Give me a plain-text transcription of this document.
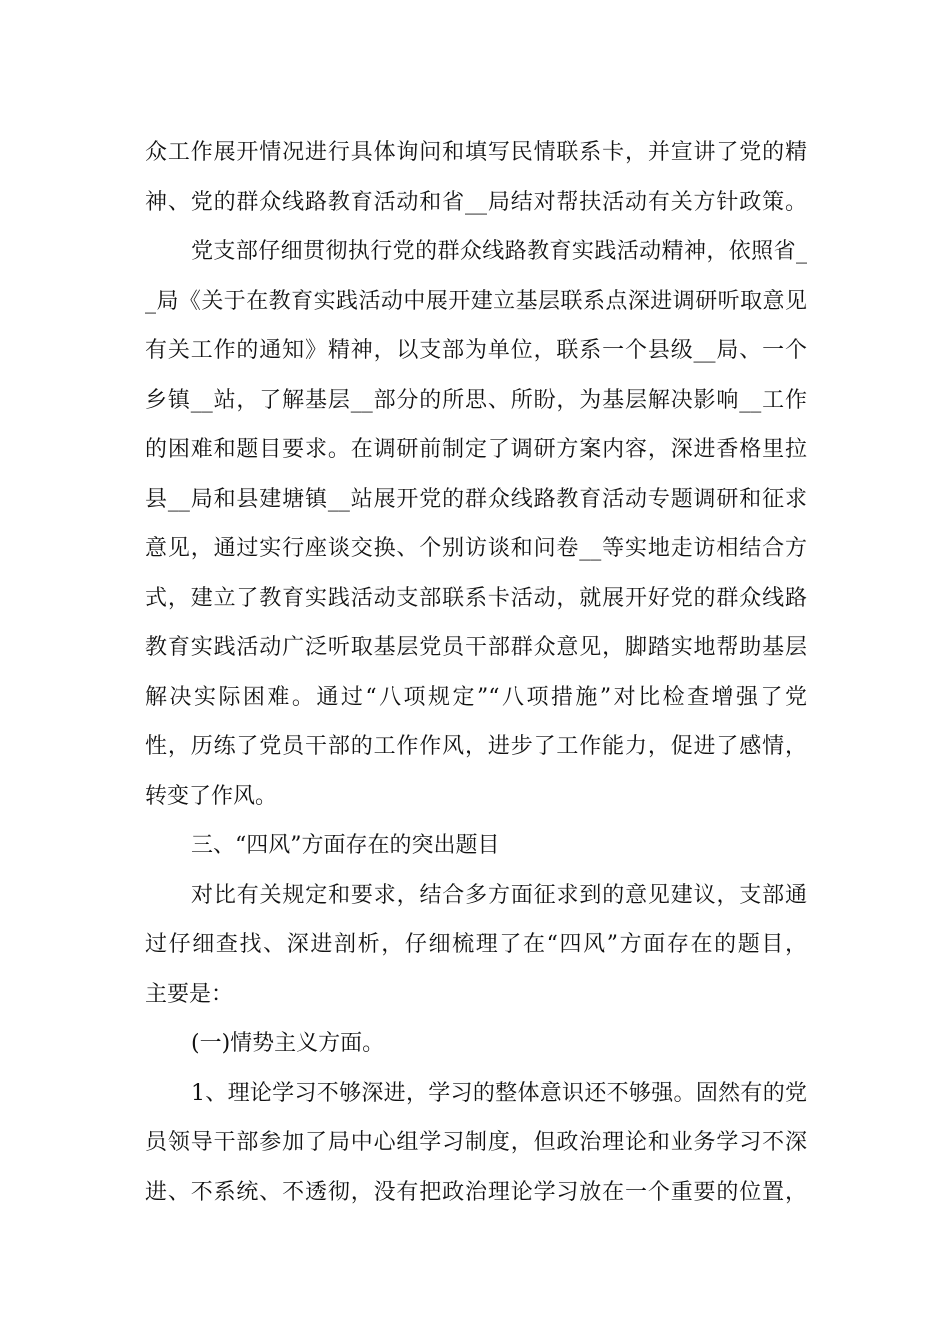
众工作展开情况进行具体询问和填写民情联系卡，并宣讲了党的精
神、党的群众线路教育活动和省__局结对帮扶活动有关方针政策。
党支部仔细贯彻执行党的群众线路教育实践活动精神，依照省_
_局《关于在教育实践活动中展开建立基层联系点深进调研听取意见
有关工作的通知》精神，以支部为单位，联系一个县级__局、一个
乡镇__站，了解基层__部分的所思、所盼，为基层解决影响__工作
的困难和题目要求。在调研前制定了调研方案内容，深进香格里拉
县__局和县建塘镇__站展开党的群众线路教育活动专题调研和征求
意见，通过实行座谈交换、个别访谈和问卷__等实地走访相结合方
式，建立了教育实践活动支部联系卡活动，就展开好党的群众线路
教育实践活动广泛听取基层党员干部群众意见，脚踏实地帮助基层
解决实际困难。通过“八项规定”“八项措施”对比检查增强了党
性，历练了党员干部的工作作风，进步了工作能力，促进了感情，
转变了作风。
三、“四风”方面存在的突出题目
对比有关规定和要求，结合多方面征求到的意见建议，支部通
过仔细查找、深进剖析，仔细梳理了在“四风”方面存在的题目，
主要是：
(一)情势主义方面。
1、理论学习不够深进，学习的整体意识还不够强。固然有的党
员领导干部参加了局中心组学习制度，但政治理论和业务学习不深
进、不系统、不透彻，没有把政治理论学习放在一个重要的位置，
